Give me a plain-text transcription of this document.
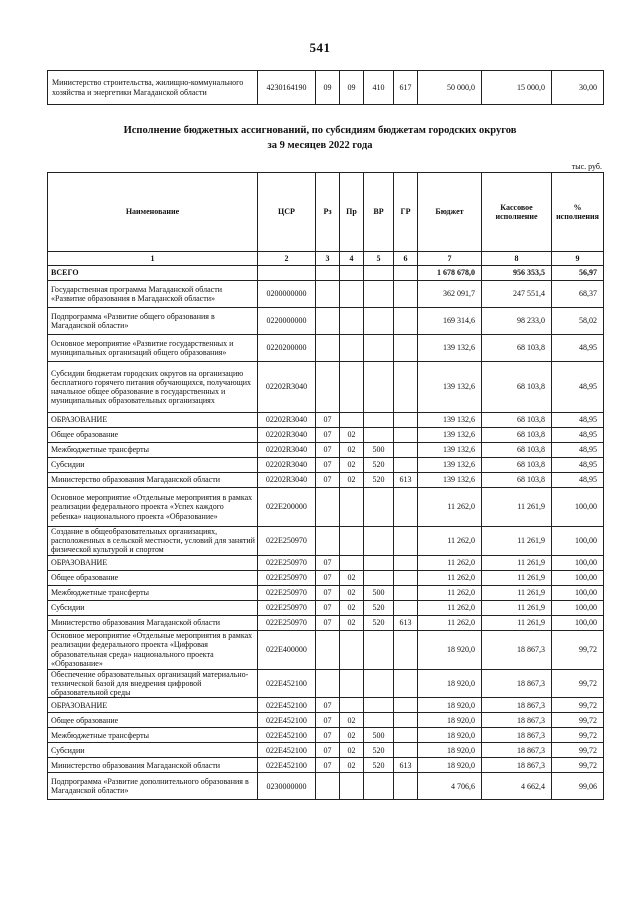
541
Министерство строительства, жилищно-коммунального хозяйства и энергетики Магаданской области	4230164190	09	09	410	617	50 000,0	15 000,0	30,00
Исполнение бюджетных ассигнований, по субсидиям бюджетам городских округов
за 9 месяцев 2022 года
тыс. руб.
Наименование	ЦСР	Рз	Пр	ВР	ГР	Бюджет	Кассовое исполнение	% исполнения
1	2	3	4	5	6	7	8	9
ВСЕГО						1 678 678,0	956 353,5	56,97
Государственная программа Магаданской области «Развитие образования в Магаданской области»	0200000000					362 091,7	247 551,4	68,37
Подпрограмма «Развитие общего образования в Магаданской области»	0220000000					169 314,6	98 233,0	58,02
Основное мероприятие «Развитие государственных и муниципальных организаций общего образования»	0220200000					139 132,6	68 103,8	48,95
Субсидии бюджетам городских округов на организацию бесплатного горячего питания обучающихся, получающих начальное общее образование в государственных и муниципальных образовательных организациях	02202R3040					139 132,6	68 103,8	48,95
ОБРАЗОВАНИЕ	02202R3040	07				139 132,6	68 103,8	48,95
Общее образование	02202R3040	07	02			139 132,6	68 103,8	48,95
Межбюджетные трансферты	02202R3040	07	02	500		139 132,6	68 103,8	48,95
Субсидии	02202R3040	07	02	520		139 132,6	68 103,8	48,95
Министерство образования Магаданской области	02202R3040	07	02	520	613	139 132,6	68 103,8	48,95
Основное мероприятие «Отдельные мероприятия в рамках реализации федерального проекта «Успех каждого ребенка» национального проекта «Образование»	022E200000					11 262,0	11 261,9	100,00
Создание в общеобразовательных организациях, расположенных в сельской местности, условий для занятий физической культурой и спортом	022E250970					11 262,0	11 261,9	100,00
ОБРАЗОВАНИЕ	022E250970	07				11 262,0	11 261,9	100,00
Общее образование	022E250970	07	02			11 262,0	11 261,9	100,00
Межбюджетные трансферты	022E250970	07	02	500		11 262,0	11 261,9	100,00
Субсидии	022E250970	07	02	520		11 262,0	11 261,9	100,00
Министерство образования Магаданской области	022E250970	07	02	520	613	11 262,0	11 261,9	100,00
Основное мероприятие «Отдельные мероприятия в рамках реализации федерального проекта «Цифровая образовательная среда» национального проекта «Образование»	022E400000					18 920,0	18 867,3	99,72
Обеспечение образовательных организаций материально-технической базой для внедрения цифровой образовательной среды	022E452100					18 920,0	18 867,3	99,72
ОБРАЗОВАНИЕ	022E452100	07				18 920,0	18 867,3	99,72
Общее образование	022E452100	07	02			18 920,0	18 867,3	99,72
Межбюджетные трансферты	022E452100	07	02	500		18 920,0	18 867,3	99,72
Субсидии	022E452100	07	02	520		18 920,0	18 867,3	99,72
Министерство образования Магаданской области	022E452100	07	02	520	613	18 920,0	18 867,3	99,72
Подпрограмма «Развитие дополнительного образования в Магаданской области»	0230000000					4 706,6	4 662,4	99,06
